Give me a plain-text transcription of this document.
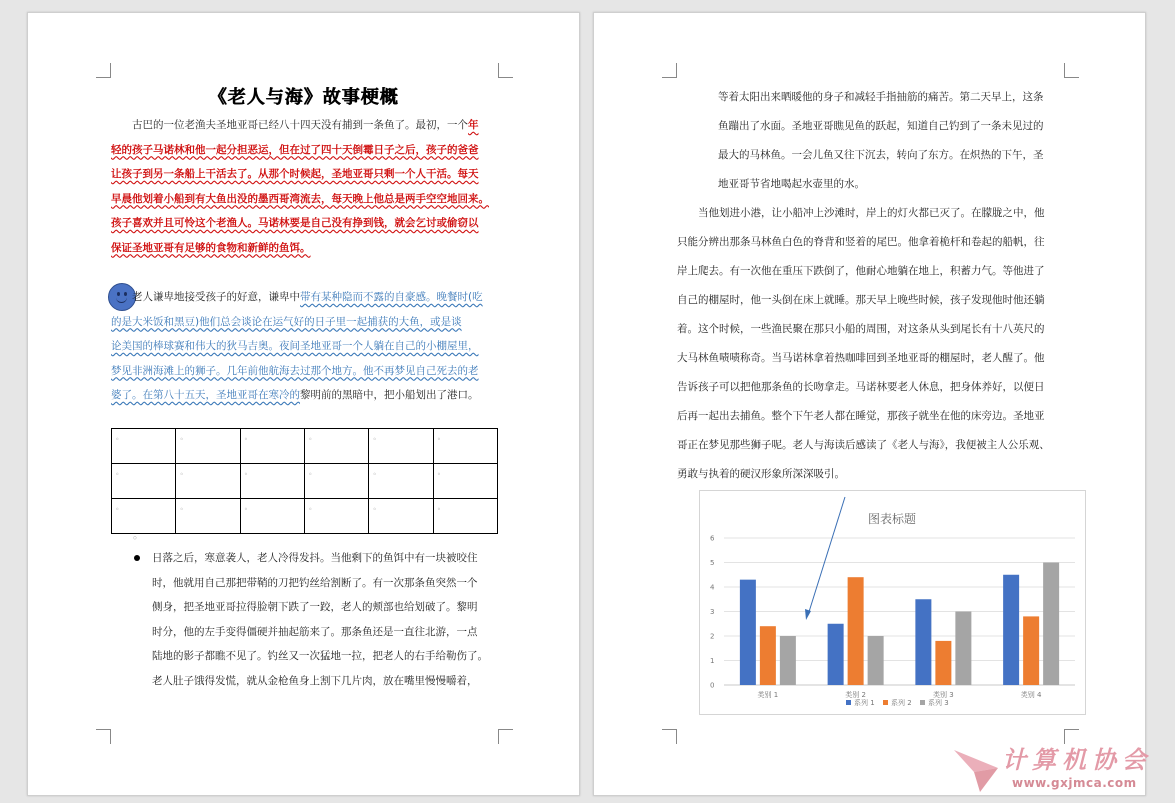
《老人与海》故事梗概

古巴的一位老渔夫圣地亚哥已经八十四天没有捕到一条鱼了。最初，一个年
轻的孩子马诺林和他一起分担恶运，但在过了四十天倒霉日子之后，孩子的爸爸
让孩子到另一条船上干活去了。从那个时候起，圣地亚哥只剩一个人干活。每天
早晨他划着小船到有大鱼出没的墨西哥湾流去，每天晚上他总是两手空空地回来。
孩子喜欢并且可怜这个老渔人。马诺林要是自己没有挣到钱，就会乞讨或偷窃以
保证圣地亚哥有足够的食物和新鲜的鱼饵。

老人谦卑地接受孩子的好意，谦卑中带有某种隐而不露的自豪感。晚餐时(吃
的是大米饭和黑豆)他们总会谈论在运气好的日子里一起捕获的大鱼，或是谈
论美国的棒球赛和伟大的狄马吉奥。夜间圣地亚哥一个人躺在自己的小棚屋里，
梦见非洲海滩上的狮子。几年前他航海去过那个地方。他不再梦见自己死去的老
婆了。在第八十五天，圣地亚哥在寒冷的黎明前的黑暗中，把小船划出了港口。

。	。	。	。	。	。
。	。	。	。	。	。
。	。	。	。	。	。
。

日落之后，寒意袭人，老人冷得发抖。当他剩下的鱼饵中有一块被咬住
时，他就用自己那把带鞘的刀把钓丝给割断了。有一次那条鱼突然一个
侧身，把圣地亚哥拉得脸朝下跌了一跤，老人的颊部也给划破了。黎明
时分，他的左手变得僵硬并抽起筋来了。那条鱼还是一直往北游，一点
陆地的影子都瞧不见了。钓丝又一次猛地一拉，把老人的右手给勒伤了。
老人肚子饿得发慌，就从金枪鱼身上割下几片肉，放在嘴里慢慢嚼着，

等着太阳出来晒暖他的身子和减轻手指抽筋的痛苦。第二天早上，这条
鱼蹦出了水面。圣地亚哥瞧见鱼的跃起，知道自己钓到了一条未见过的
最大的马林鱼。一会儿鱼又往下沉去，转向了东方。在炽热的下午，圣
地亚哥节省地喝起水壶里的水。

当他划进小港，让小船冲上沙滩时，岸上的灯火都已灭了。在朦胧之中，他
只能分辨出那条马林鱼白色的脊背和竖着的尾巴。他拿着桅杆和卷起的船帆，往
岸上爬去。有一次他在重压下跌倒了，他耐心地躺在地上，积蓄力气。等他进了
自己的棚屋时，他一头倒在床上就睡。那天早上晚些时候，孩子发现他时他还躺
着。这个时候，一些渔民聚在那只小船的周围，对这条从头到尾长有十八英尺的
大马林鱼啧啧称奇。当马诺林拿着热咖啡回到圣地亚哥的棚屋时，老人醒了。他
告诉孩子可以把他那条鱼的长吻拿走。马诺林要老人休息，把身体养好，以便日
后再一起出去捕鱼。整个下午老人都在睡觉，那孩子就坐在他的床旁边。圣地亚
哥正在梦见那些狮子呢。老人与海读后感读了《老人与海》，我便被主人公乐观、
勇敢与执着的硬汉形象所深深吸引。

图表标题
0
1
2
3
4
5
6
类别 1	类别 2	类别 3	类别 4
系列 1 系列 2 系列 3
计算机协会
www.gxjmca.com
